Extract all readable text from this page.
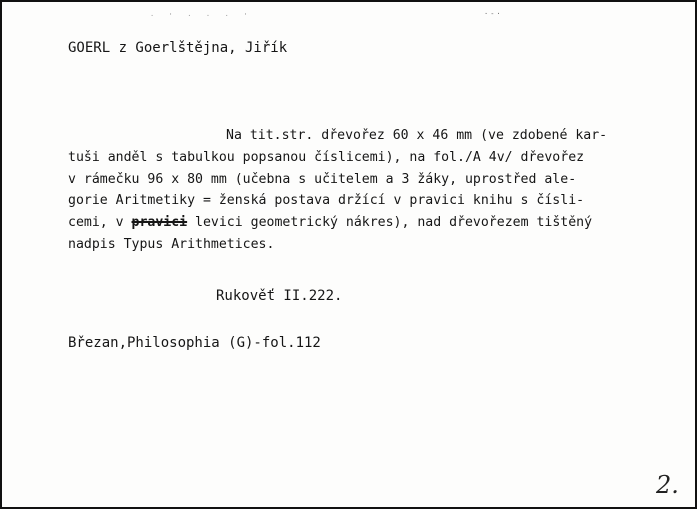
·  '  ·  ·  ·  '	·-·
GOERL z Goerlštějna, Jiřík
Na tit.str. dřevořez 60 x 46 mm (ve zdobené kar-
tuši anděl s tabulkou popsanou číslicemi), na fol./A 4v/ dřevořez
v rámečku 96 x 80 mm (učebna s učitelem a 3 žáky, uprostřed ale-
gorie Aritmetiky = ženská postava držící v pravici knihu s čísli-
cemi, v pravici levici geometrický nákres), nad dřevořezem tištěný
nadpis Typus Arithmetices.
Rukověť II.222.
Březan,Philosophia (G)-fol.112
2.
